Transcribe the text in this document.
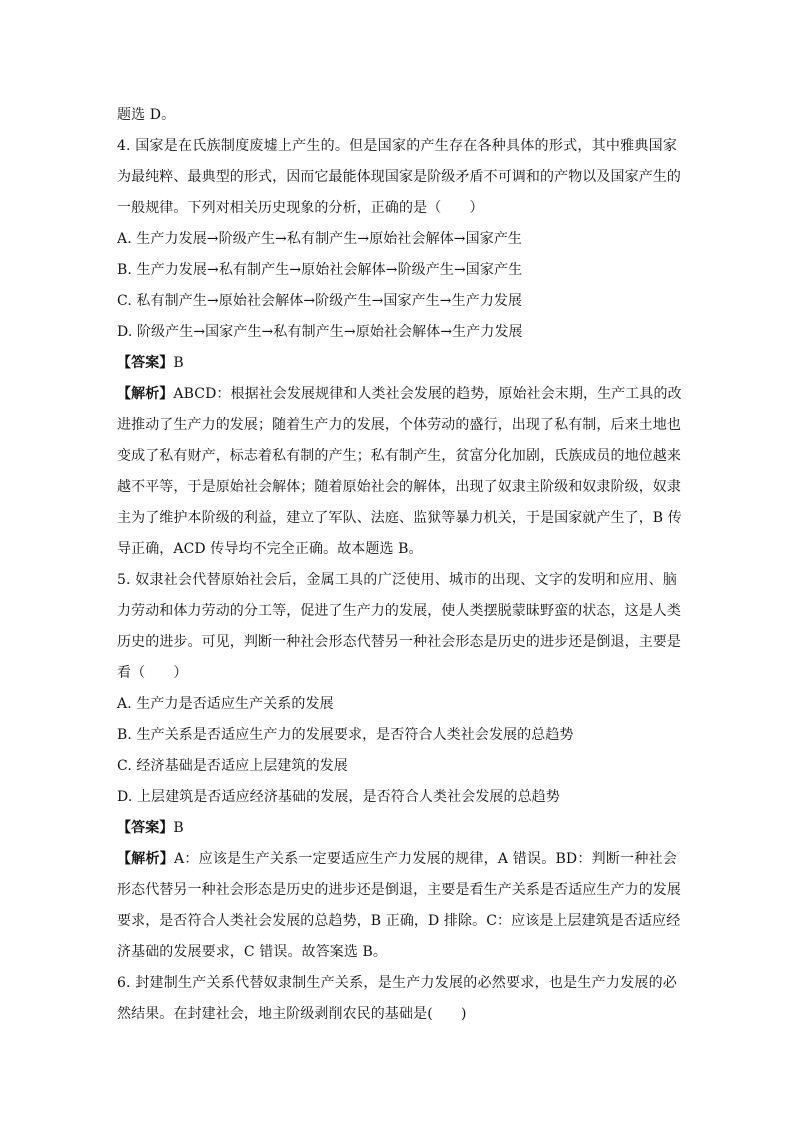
题选 D。
4. 国家是在氏族制度废墟上产生的。但是国家的产生存在各种具体的形式，其中雅典国家
为最纯粹、最典型的形式，因而它最能体现国家是阶级矛盾不可调和的产物以及国家产生的
一般规律。下列对相关历史现象的分析，正确的是（　　）
A. 生产力发展→阶级产生→私有制产生→原始社会解体→国家产生
B. 生产力发展→私有制产生→原始社会解体→阶级产生→国家产生
C. 私有制产生→原始社会解体→阶级产生→国家产生→生产力发展
D. 阶级产生→国家产生→私有制产生→原始社会解体→生产力发展
【答案】B
【解析】ABCD：根据社会发展规律和人类社会发展的趋势，原始社会末期，生产工具的改
进推动了生产力的发展；随着生产力的发展，个体劳动的盛行，出现了私有制，后来土地也
变成了私有财产，标志着私有制的产生；私有制产生，贫富分化加剧，氏族成员的地位越来
越不平等，于是原始社会解体；随着原始社会的解体，出现了奴隶主阶级和奴隶阶级，奴隶
主为了维护本阶级的利益，建立了军队、法庭、监狱等暴力机关，于是国家就产生了，B 传
导正确，ACD 传导均不完全正确。故本题选 B。
5. 奴隶社会代替原始社会后，金属工具的广泛使用、城市的出现、文字的发明和应用、脑
力劳动和体力劳动的分工等，促进了生产力的发展，使人类摆脱蒙昧野蛮的状态，这是人类
历史的进步。可见，判断一种社会形态代替另一种社会形态是历史的进步还是倒退，主要是
看（　　）
A. 生产力是否适应生产关系的发展
B. 生产关系是否适应生产力的发展要求，是否符合人类社会发展的总趋势
C. 经济基础是否适应上层建筑的发展
D. 上层建筑是否适应经济基础的发展，是否符合人类社会发展的总趋势
【答案】B
【解析】A：应该是生产关系一定要适应生产力发展的规律，A 错误。BD：判断一种社会
形态代替另一种社会形态是历史的进步还是倒退，主要是看生产关系是否适应生产力的发展
要求，是否符合人类社会发展的总趋势，B 正确，D 排除。C：应该是上层建筑是否适应经
济基础的发展要求，C 错误。故答案选 B。
6. 封建制生产关系代替奴隶制生产关系，是生产力发展的必然要求，也是生产力发展的必
然结果。在封建社会，地主阶级剥削农民的基础是(　　)
